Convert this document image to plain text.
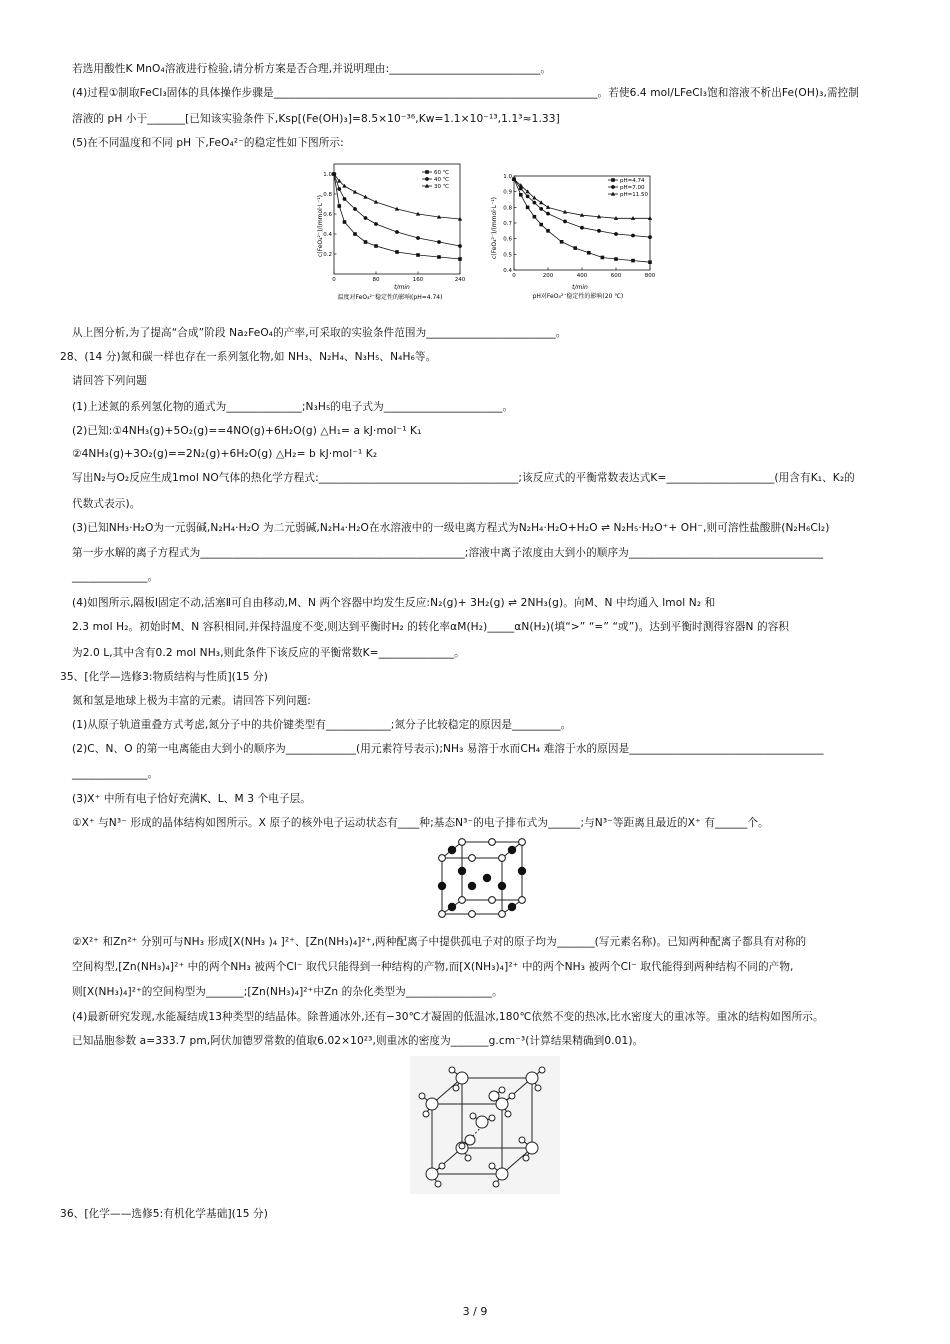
若选用酸性K MnO₄溶液进行检验,请分析方案是否合理,并说明理由:____________________________。
(4)过程①制取FeCl₃固体的具体操作步骤是____________________________________________________________。若使6.4 mol/LFeCl₃饱和溶液不析出Fe(OH)₃,需控制
溶液的 pH 小于_______[已知该实验条件下,Ksp[(Fe(OH)₃]=8.5×10⁻³⁶,Kw=1.1×10⁻¹³,1.1³≈1.33]
(5)在不同温度和不同 pH 下,FeO₄²⁻的稳定性如下图所示:
0	80	160	240
0.2
0.4
0.6
0.8
1.0	60 ℃
40 ℃
30 ℃
t/min
温度对FeO₄²⁻稳定性的影响(pH=4.74)
c(FeO₄²⁻)/(mmol·L⁻¹)
0	200	400	600	800
0.4
0.5
0.6
0.7
0.8
0.9
1.0
pH=4.74
pH=7.00
pH=11.50
t/min
pH对FeO₄²⁻稳定性的影响(20 ℃)
c(FeO₄²⁻)/(mmol·L⁻¹)
从上图分析,为了提高“合成”阶段 Na₂FeO₄的产率,可采取的实验条件范围为________________________。
28、(14 分)氮和碳一样也存在一系列氢化物,如 NH₃、N₂H₄、N₃H₅、N₄H₆等。
请回答下列问题
(1)上述氮的系列氢化物的通式为______________;N₃H₅的电子式为______________________。
(2)已知:①4NH₃(g)+5O₂(g)==4NO(g)+6H₂O(g) △H₁= a kJ·mol⁻¹ K₁
②4NH₃(g)+3O₂(g)==2N₂(g)+6H₂O(g) △H₂= b kJ·mol⁻¹ K₂
写出N₂与O₂反应生成1mol NO气体的热化学方程式:_____________________________________;该反应式的平衡常数表达式K=____________________(用含有K₁、K₂的
代数式表示)。
(3)已知NH₃·H₂O为一元弱碱,N₂H₄·H₂O 为二元弱碱,N₂H₄·H₂O在水溶液中的一级电离方程式为N₂H₄·H₂O+H₂O ⇌ N₂H₅·H₂O⁺+ OH⁻,则可溶性盐酸肼(N₂H₆Cl₂)
第一步水解的离子方程式为_________________________________________________;溶液中离子浓度由大到小的顺序为____________________________________
______________。
(4)如图所示,隔板Ⅰ固定不动,活塞Ⅱ可自由移动,M、N 两个容器中均发生反应:N₂(g)+ 3H₂(g) ⇌ 2NH₃(g)。向M、N 中均通入 lmol N₂ 和
2.3 mol H₂。初始时M、N 容积相同,并保持温度不变,则达到平衡时H₂ 的转化率αM(H₂)_____αN(H₂)(填“>” “=” “或”)。达到平衡时测得容器N 的容积
为2.0 L,其中含有0.2 mol NH₃,则此条件下该反应的平衡常数K=______________。
35、[化学—选修3:物质结构与性质](15 分)
氮和氢是地球上极为丰富的元素。请回答下列问题:
(1)从原子轨道重叠方式考虑,氮分子中的共价键类型有____________;氮分子比较稳定的原因是_________。
(2)C、N、O 的第一电离能由大到小的顺序为_____________(用元素符号表示);NH₃ 易溶于水而CH₄ 难溶于水的原因是____________________________________
______________。
(3)X⁺ 中所有电子恰好充满K、L、M 3 个电子层。
①X⁺ 与N³⁻ 形成的晶体结构如图所示。X 原子的核外电子运动状态有____种;基态N³⁻的电子排布式为______;与N³⁻等距离且最近的X⁺ 有______个。
②X²⁺ 和Zn²⁺ 分别可与NH₃ 形成[X(NH₃ )₄ ]²⁺、[Zn(NH₃)₄]²⁺,两种配离子中提供孤电子对的原子均为_______(写元素名称)。已知两种配离子都具有对称的
空间构型,[Zn(NH₃)₄]²⁺ 中的两个NH₃ 被两个Cl⁻ 取代只能得到一种结构的产物,而[X(NH₃)₄]²⁺ 中的两个NH₃ 被两个Cl⁻ 取代能得到两种结构不同的产物,
则[X(NH₃)₄]²⁺的空间构型为_______;[Zn(NH₃)₄]²⁺中Zn 的杂化类型为________________。
(4)最新研究发现,水能凝结成13种类型的结晶体。除普通冰外,还有−30℃才凝固的低温冰,180℃依然不变的热冰,比水密度大的重冰等。重冰的结构如图所示。
已知晶胞参数 a=333.7 pm,阿伏加德罗常数的值取6.02×10²³,则重冰的密度为_______g.cm⁻³(计算结果精确到0.01)。
36、[化学——选修5:有机化学基础](15 分)
3 / 9
